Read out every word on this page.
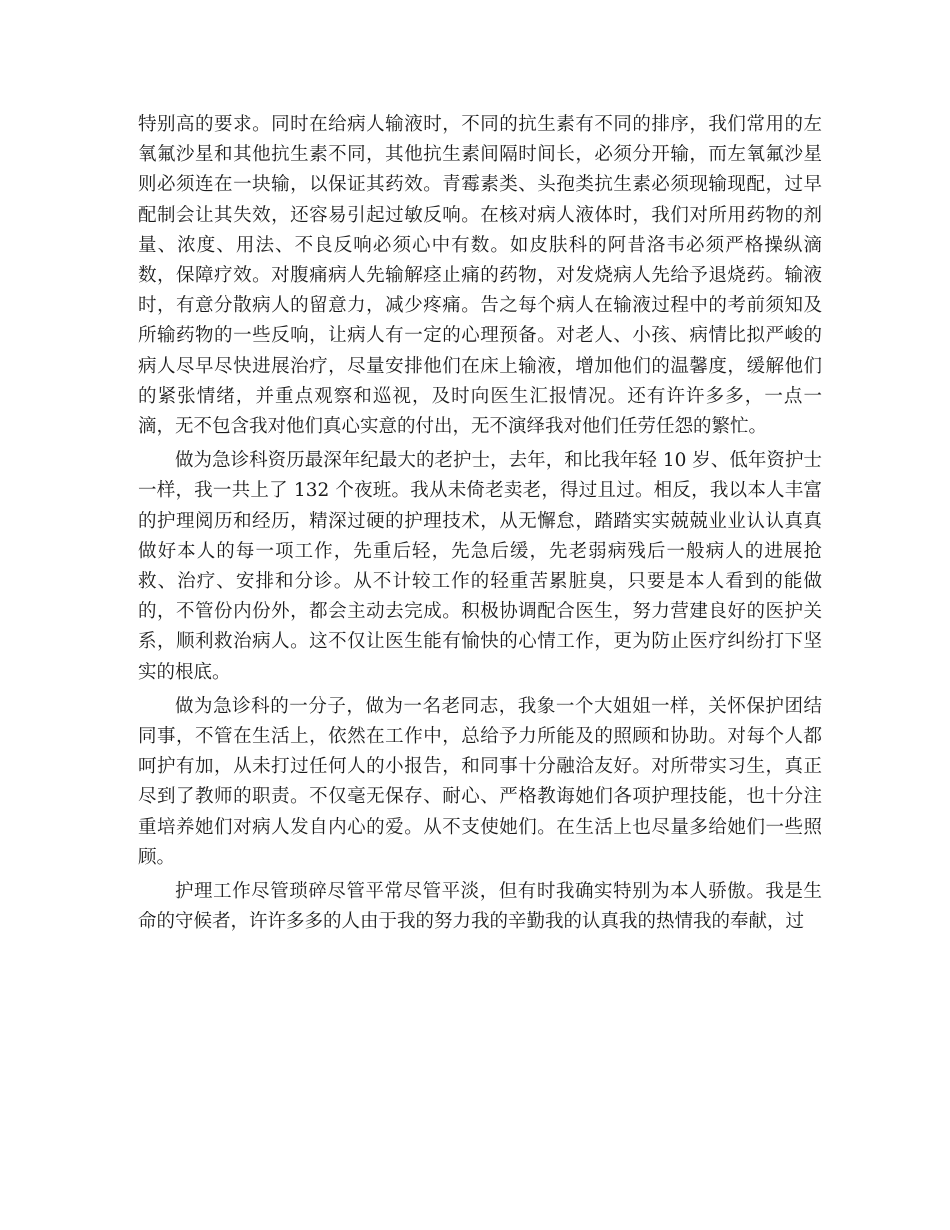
特别高的要求。同时在给病人输液时，不同的抗生素有不同的排序，我们常用的左氧氟沙星和其他抗生素不同，其他抗生素间隔时间长，必须分开输，而左氧氟沙星则必须连在一块输，以保证其药效。青霉素类、头孢类抗生素必须现输现配，过早配制会让其失效，还容易引起过敏反响。在核对病人液体时，我们对所用药物的剂量、浓度、用法、不良反响必须心中有数。如皮肤科的阿昔洛韦必须严格操纵滴数，保障疗效。对腹痛病人先输解痉止痛的药物，对发烧病人先给予退烧药。输液时，有意分散病人的留意力，减少疼痛。告之每个病人在输液过程中的考前须知及所输药物的一些反响，让病人有一定的心理预备。对老人、小孩、病情比拟严峻的病人尽早尽快进展治疗，尽量安排他们在床上输液，增加他们的温馨度，缓解他们的紧张情绪，并重点观察和巡视，及时向医生汇报情况。还有许许多多，一点一滴，无不包含我对他们真心实意的付出，无不演绎我对他们任劳任怨的繁忙。

做为急诊科资历最深年纪最大的老护士，去年，和比我年轻 10 岁、低年资护士一样，我一共上了 132 个夜班。我从未倚老卖老，得过且过。相反，我以本人丰富的护理阅历和经历，精深过硬的护理技术，从无懈怠，踏踏实实兢兢业业认认真真做好本人的每一项工作，先重后轻，先急后缓，先老弱病残后一般病人的进展抢救、治疗、安排和分诊。从不计较工作的轻重苦累脏臭，只要是本人看到的能做的，不管份内份外，都会主动去完成。积极协调配合医生，努力营建良好的医护关系，顺利救治病人。这不仅让医生能有愉快的心情工作，更为防止医疗纠纷打下坚实的根底。

做为急诊科的一分子，做为一名老同志，我象一个大姐姐一样，关怀保护团结同事，不管在生活上，依然在工作中，总给予力所能及的照顾和协助。对每个人都呵护有加，从未打过任何人的小报告，和同事十分融洽友好。对所带实习生，真正尽到了教师的职责。不仅毫无保存、耐心、严格教诲她们各项护理技能，也十分注重培养她们对病人发自内心的爱。从不支使她们。在生活上也尽量多给她们一些照顾。

护理工作尽管琐碎尽管平常尽管平淡，但有时我确实特别为本人骄傲。我是生命的守候者，许许多多的人由于我的努力我的辛勤我的认真我的热情我的奉献，过
